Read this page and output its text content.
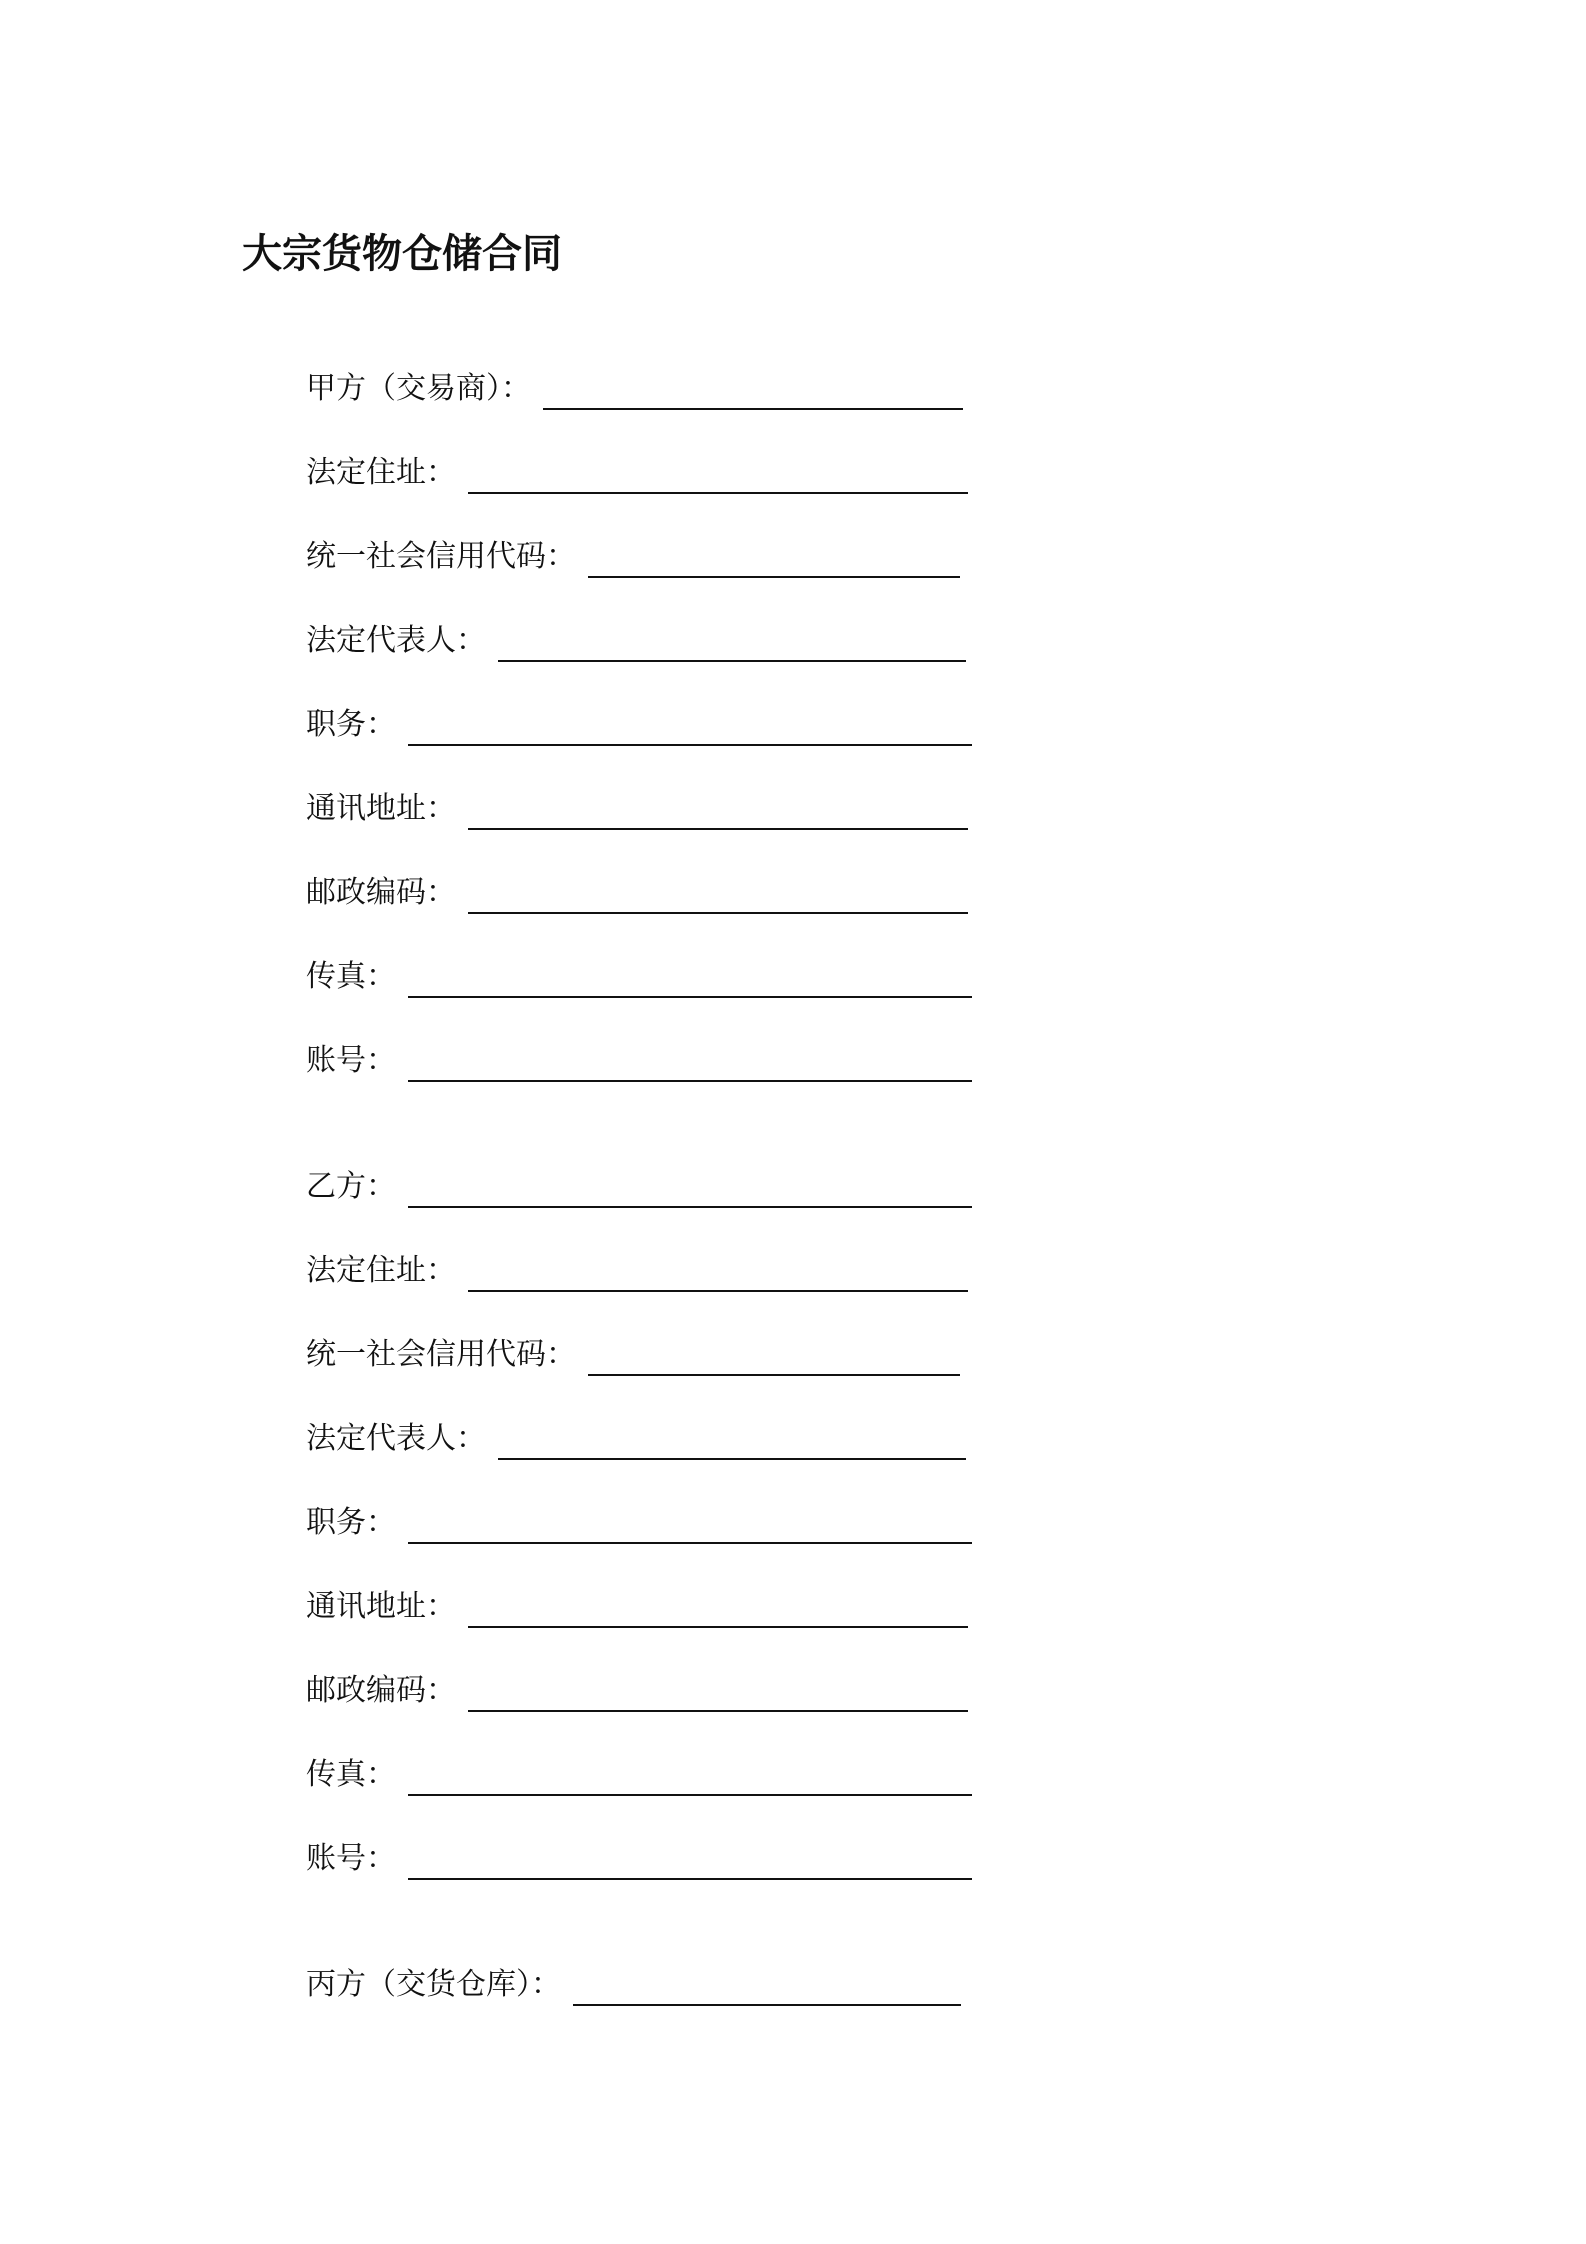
大宗货物仓储合同
甲方（交易商）：
法定住址：
统一社会信用代码：
法定代表人：
职务：
通讯地址：
邮政编码：
传真：
账号：
乙方：
法定住址：
统一社会信用代码：
法定代表人：
职务：
通讯地址：
邮政编码：
传真：
账号：
丙方（交货仓库）：
